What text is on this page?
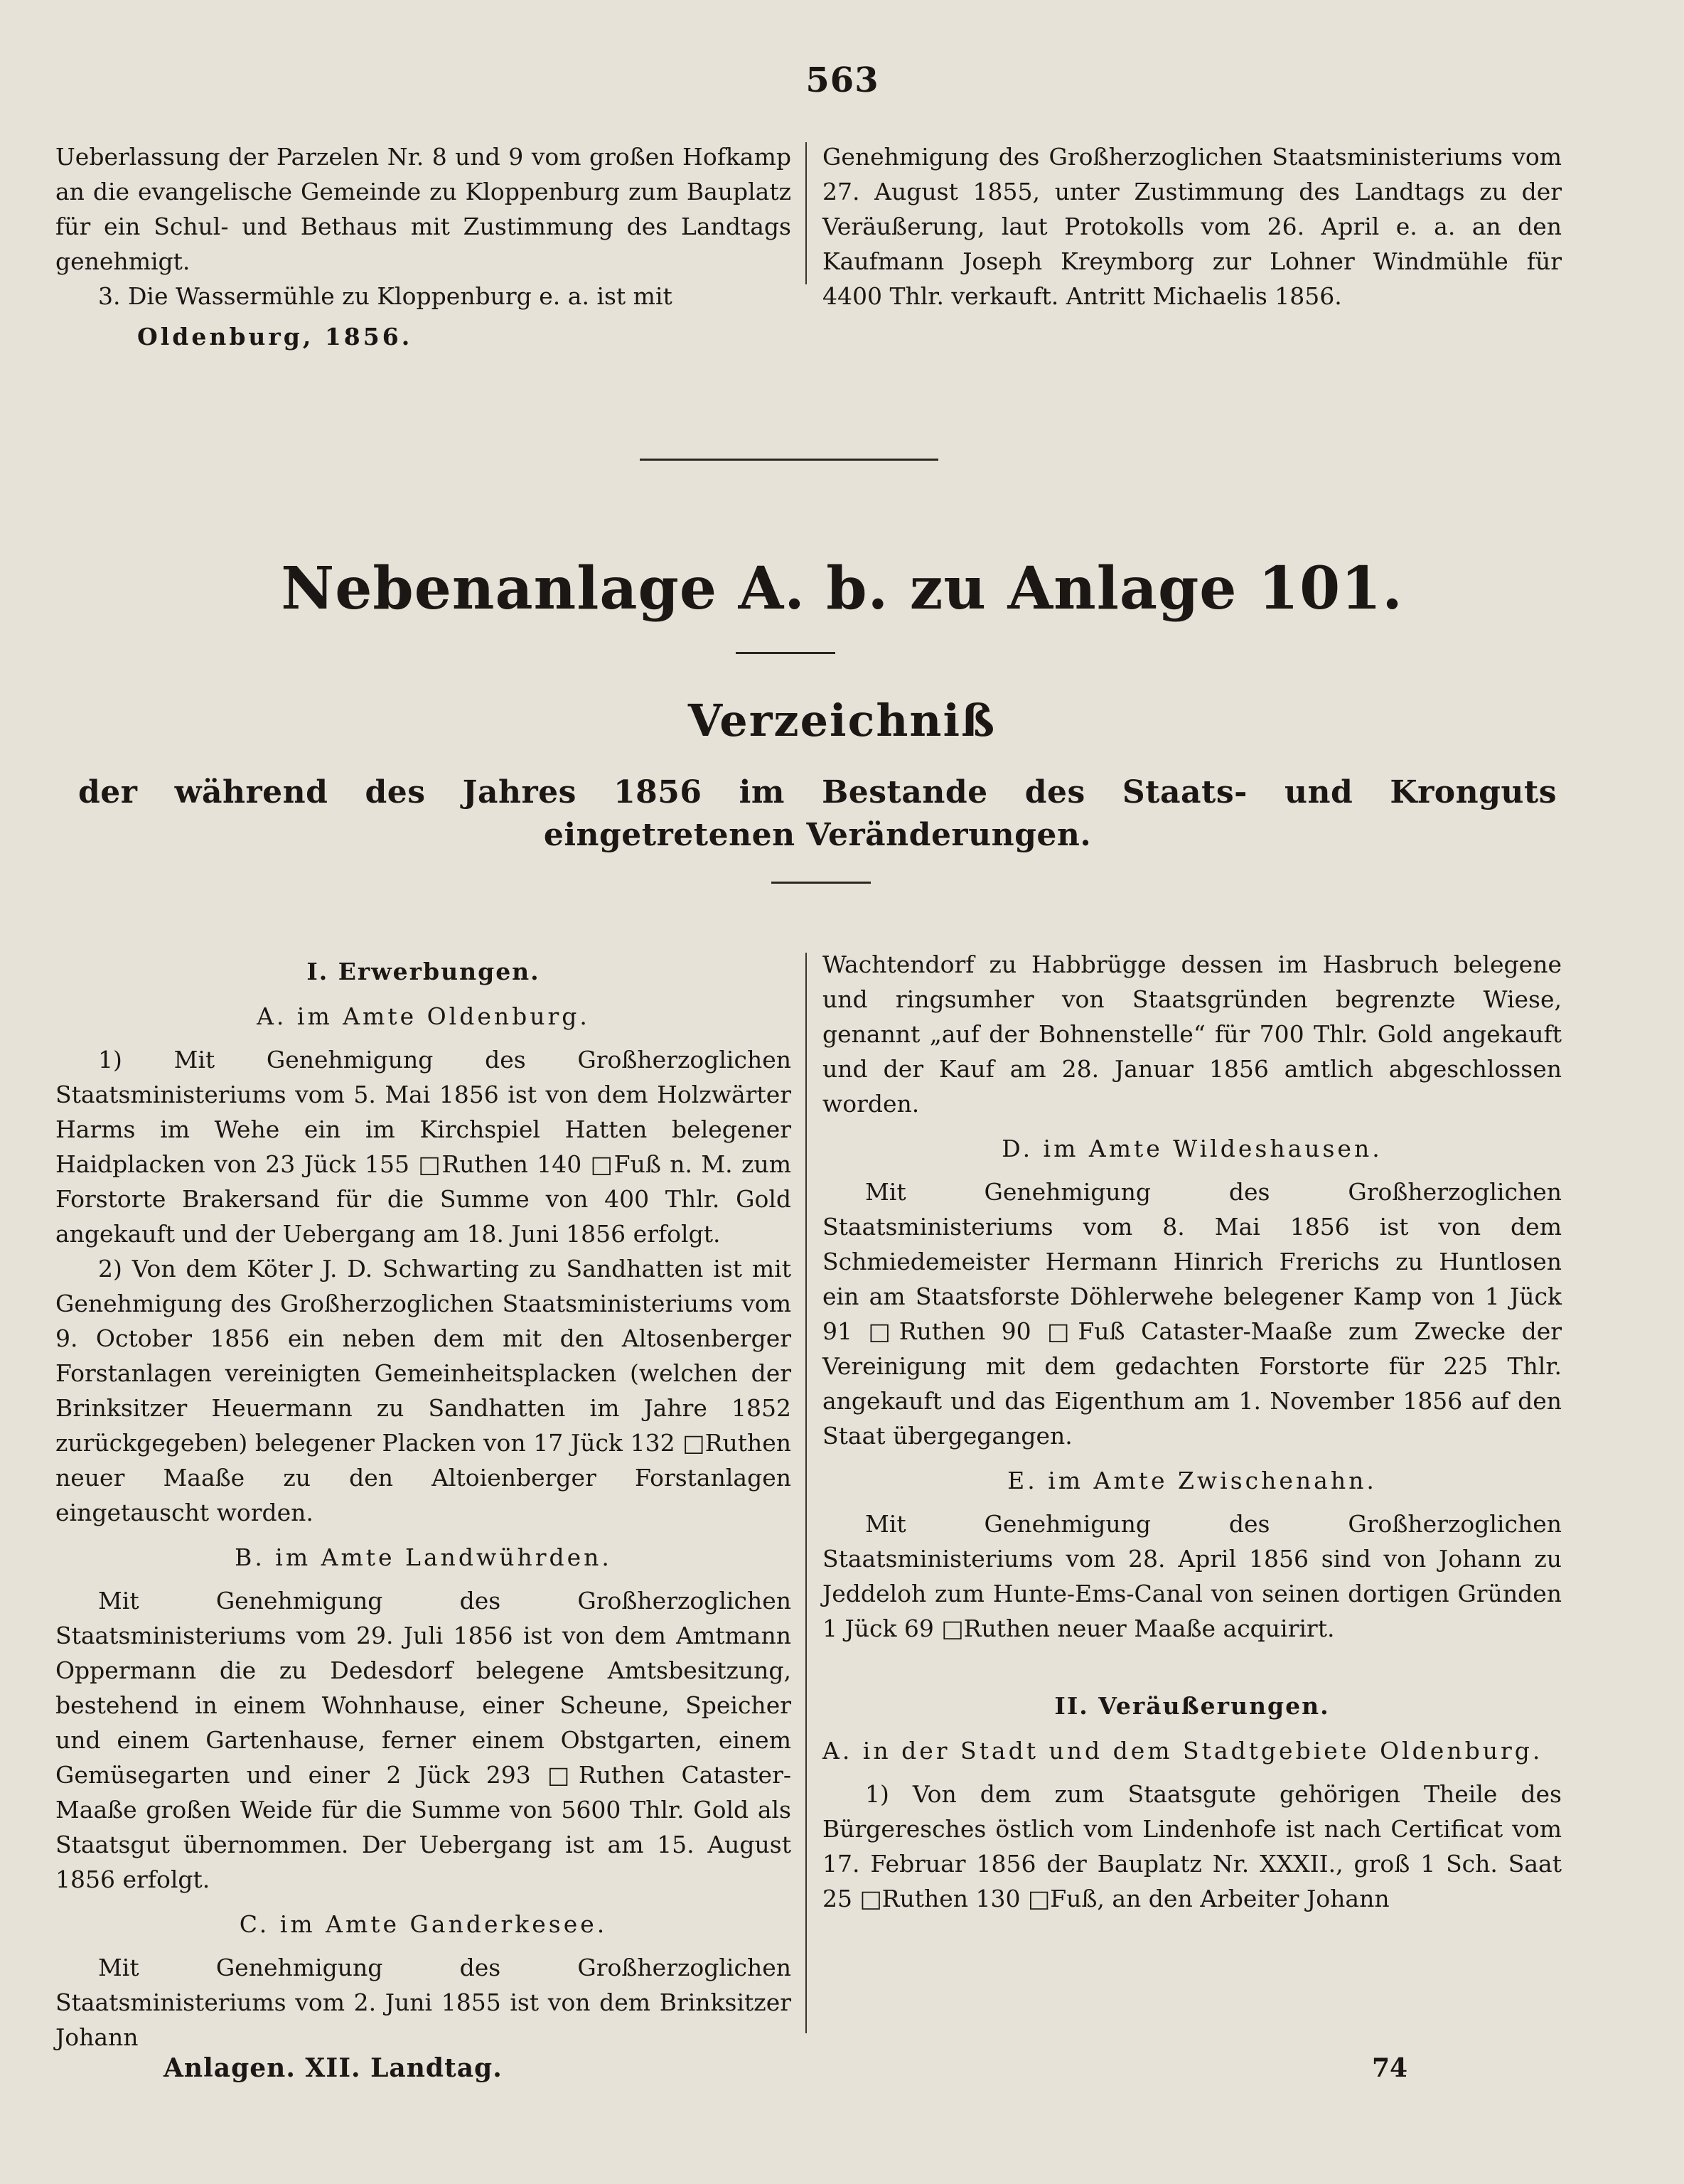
563

Ueberlassung der Parzelen Nr. 8 und 9 vom großen Hofkamp an die evangelische Gemeinde zu Kloppenburg zum Bauplatz für ein Schul- und Bethaus mit Zustimmung des Landtags genehmigt.

3. Die Wassermühle zu Kloppenburg e. a. ist mit

Oldenburg, 1856.

Genehmigung des Großherzoglichen Staatsministeriums vom 27. August 1855, unter Zustimmung des Landtags zu der Veräußerung, laut Protokolls vom 26. April e. a. an den Kaufmann Joseph Kreymborg zur Lohner Windmühle für 4400 Thlr. verkauft. Antritt Michaelis 1856.

Nebenanlage A. b. zu Anlage 101.
Verzeichniß
der während des Jahres 1856 im Bestande des Staats- und Kronguts eingetretenen Veränderungen.

I. Erwerbungen.

A. im Amte Oldenburg.

1) Mit Genehmigung des Großherzoglichen Staatsministeriums vom 5. Mai 1856 ist von dem Holzwärter Harms im Wehe ein im Kirchspiel Hatten belegener Haidplacken von 23 Jück 155 □Ruthen 140 □Fuß n. M. zum Forstorte Brakersand für die Summe von 400 Thlr. Gold angekauft und der Uebergang am 18. Juni 1856 erfolgt.

2) Von dem Köter J. D. Schwarting zu Sandhatten ist mit Genehmigung des Großherzoglichen Staatsministeriums vom 9. October 1856 ein neben dem mit den Altosenberger Forstanlagen vereinigten Gemeinheitsplacken (welchen der Brinksitzer Heuermann zu Sandhatten im Jahre 1852 zurückgegeben) belegener Placken von 17 Jück 132 □Ruthen neuer Maaße zu den Altoienberger Forstanlagen eingetauscht worden.

B. im Amte Landwührden.

Mit Genehmigung des Großherzoglichen Staatsministeriums vom 29. Juli 1856 ist von dem Amtmann Oppermann die zu Dedesdorf belegene Amtsbesitzung, bestehend in einem Wohnhause, einer Scheune, Speicher und einem Gartenhause, ferner einem Obstgarten, einem Gemüsegarten und einer 2 Jück 293 □Ruthen Cataster-Maaße großen Weide für die Summe von 5600 Thlr. Gold als Staatsgut übernommen. Der Uebergang ist am 15. August 1856 erfolgt.

C. im Amte Ganderkesee.

Mit Genehmigung des Großherzoglichen Staatsministeriums vom 2. Juni 1855 ist von dem Brinksitzer Johann

Wachtendorf zu Habbrügge dessen im Hasbruch belegene und ringsumher von Staatsgründen begrenzte Wiese, genannt „auf der Bohnenstelle“ für 700 Thlr. Gold angekauft und der Kauf am 28. Januar 1856 amtlich abgeschlossen worden.

D. im Amte Wildeshausen.

Mit Genehmigung des Großherzoglichen Staatsministeriums vom 8. Mai 1856 ist von dem Schmiedemeister Hermann Hinrich Frerichs zu Huntlosen ein am Staatsforste Döhlerwehe belegener Kamp von 1 Jück 91 □Ruthen 90 □Fuß Cataster-Maaße zum Zwecke der Vereinigung mit dem gedachten Forstorte für 225 Thlr. angekauft und das Eigenthum am 1. November 1856 auf den Staat übergegangen.

E. im Amte Zwischenahn.

Mit Genehmigung des Großherzoglichen Staatsministeriums vom 28. April 1856 sind von Johann zu Jeddeloh zum Hunte-Ems-Canal von seinen dortigen Gründen 1 Jück 69 □Ruthen neuer Maaße acquirirt.

II. Veräußerungen.

A. in der Stadt und dem Stadtgebiete Oldenburg.

1) Von dem zum Staatsgute gehörigen Theile des Bürgeresches östlich vom Lindenhofe ist nach Certificat vom 17. Februar 1856 der Bauplatz Nr. XXXII., groß 1 Sch. Saat 25 □Ruthen 130 □Fuß, an den Arbeiter Johann

Anlagen. XII. Landtag.	74
